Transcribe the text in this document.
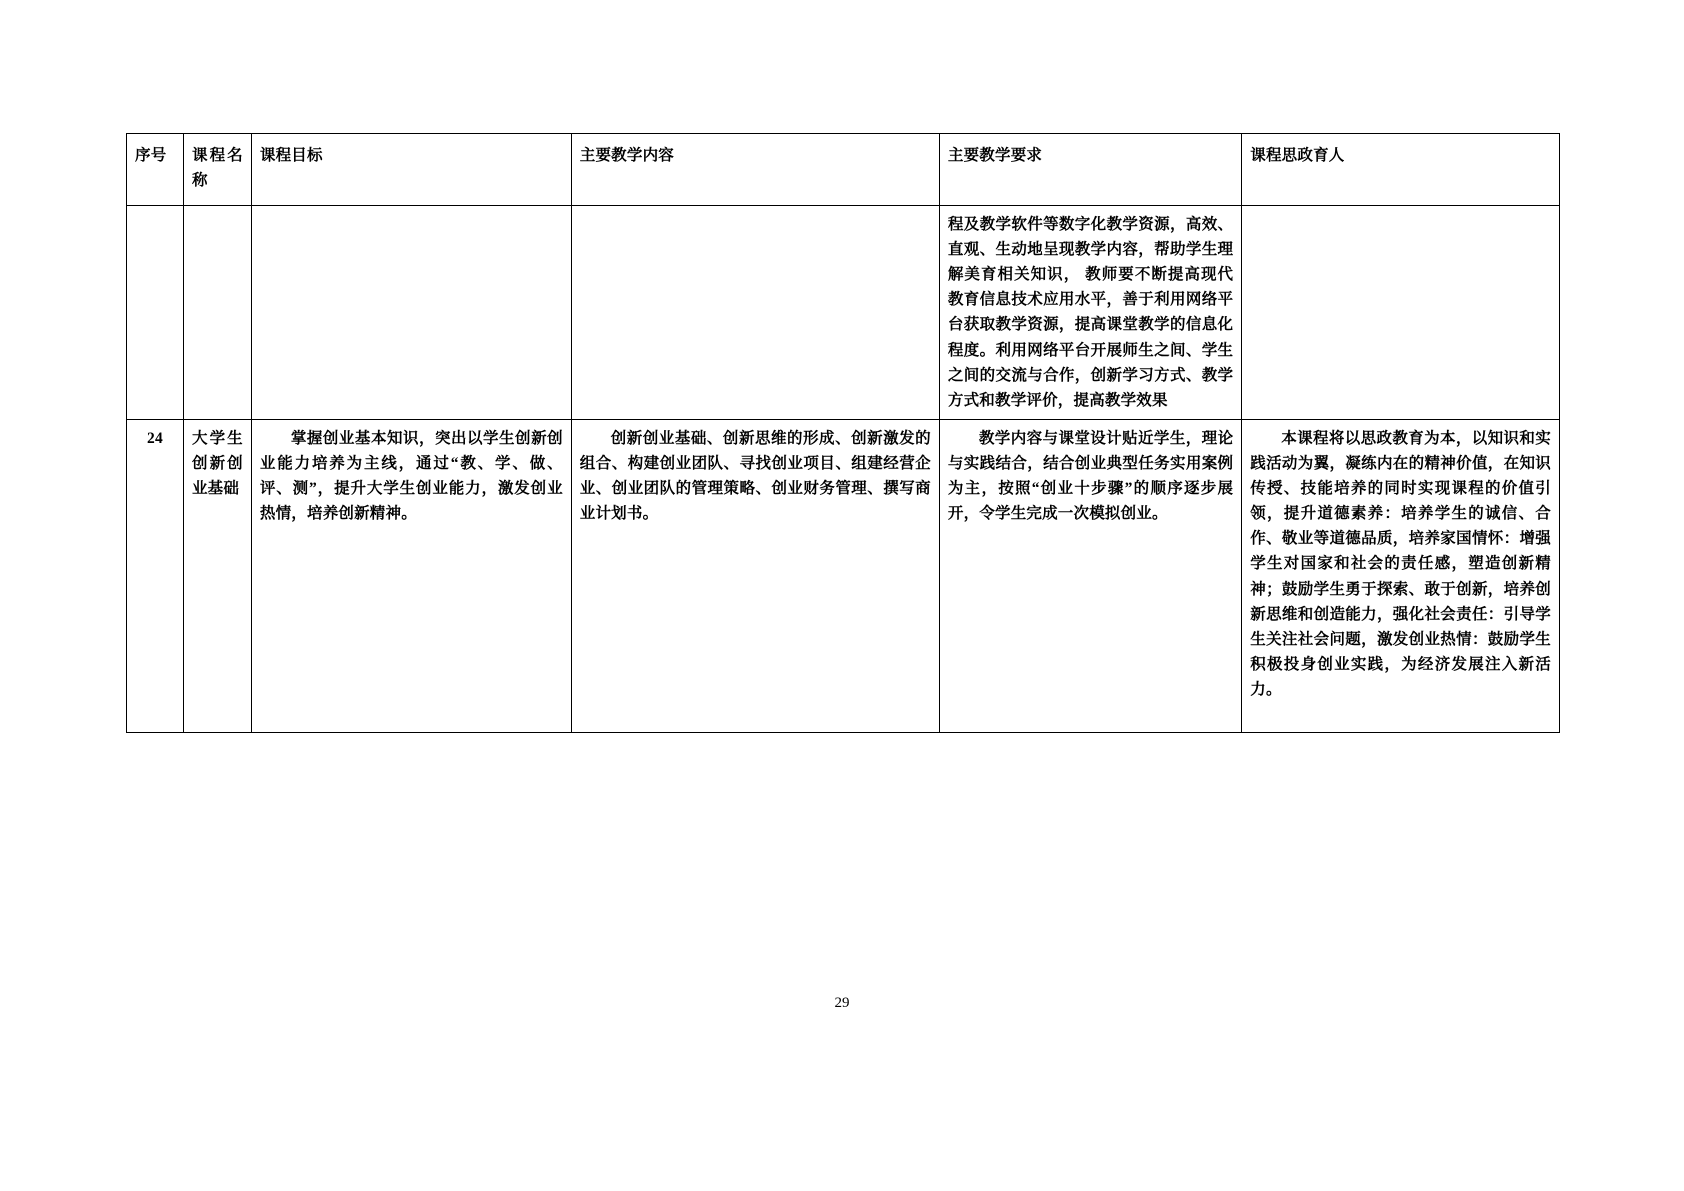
序号	课程名称	课程目标	主要教学内容	主要教学要求	课程思政育人

				程及教学软件等数字化教学资源，高效、直观、生动地呈现教学内容，帮助学生理解美育相关知识， 教师要不断提高现代教育信息技术应用水平，善于利用网络平台获取教学资源，提高课堂教学的信息化程度。利用网络平台开展师生之间、学生之间的交流与合作，创新学习方式、教学方式和教学评价，提高教学效果	

24	大学生创新创业基础	掌握创业基本知识，突出以学生创新创业能力培养为主线，通过“教、学、做、评、测”，提升大学生创业能力，激发创业热情，培养创新精神。	创新创业基础、创新思维的形成、创新激发的组合、构建创业团队、寻找创业项目、组建经营企业、创业团队的管理策略、创业财务管理、撰写商业计划书。	教学内容与课堂设计贴近学生，理论与实践结合，结合创业典型任务实用案例为主，按照“创业十步骤”的顺序逐步展开，令学生完成一次模拟创业。	本课程将以思政教育为本，以知识和实践活动为翼，凝练内在的精神价值，在知识传授、技能培养的同时实现课程的价值引领，提升道德素养：培养学生的诚信、合作、敬业等道德品质，培养家国情怀：增强学生对国家和社会的责任感，塑造创新精神；鼓励学生勇于探索、敢于创新，培养创新思维和创造能力，强化社会责任：引导学生关注社会问题，激发创业热情：鼓励学生积极投身创业实践，为经济发展注入新活力。
29
